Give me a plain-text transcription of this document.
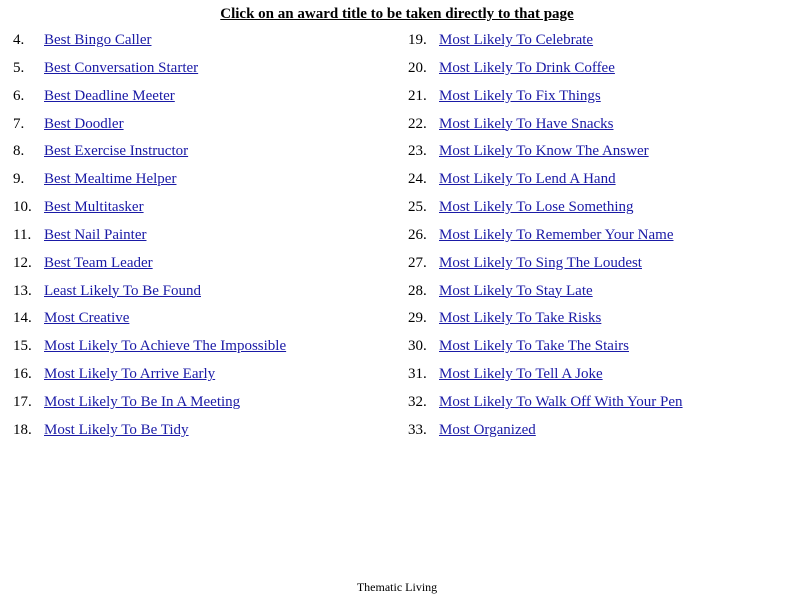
Click on an award title to be taken directly to that page
4. Best Bingo Caller
5. Best Conversation Starter
6. Best Deadline Meeter
7. Best Doodler
8. Best Exercise Instructor
9. Best Mealtime Helper
10. Best Multitasker
11. Best Nail Painter
12. Best Team Leader
13. Least Likely To Be Found
14. Most Creative
15. Most Likely To Achieve The Impossible
16. Most Likely To Arrive Early
17. Most Likely To Be In A Meeting
18. Most Likely To Be Tidy
19. Most Likely To Celebrate
20. Most Likely To Drink Coffee
21. Most Likely To Fix Things
22. Most Likely To Have Snacks
23. Most Likely To Know The Answer
24. Most Likely To Lend A Hand
25. Most Likely To Lose Something
26. Most Likely To Remember Your Name
27. Most Likely To Sing The Loudest
28. Most Likely To Stay Late
29. Most Likely To Take Risks
30. Most Likely To Take The Stairs
31. Most Likely To Tell A Joke
32. Most Likely To Walk Off With Your Pen
33. Most Organized
Thematic Living
